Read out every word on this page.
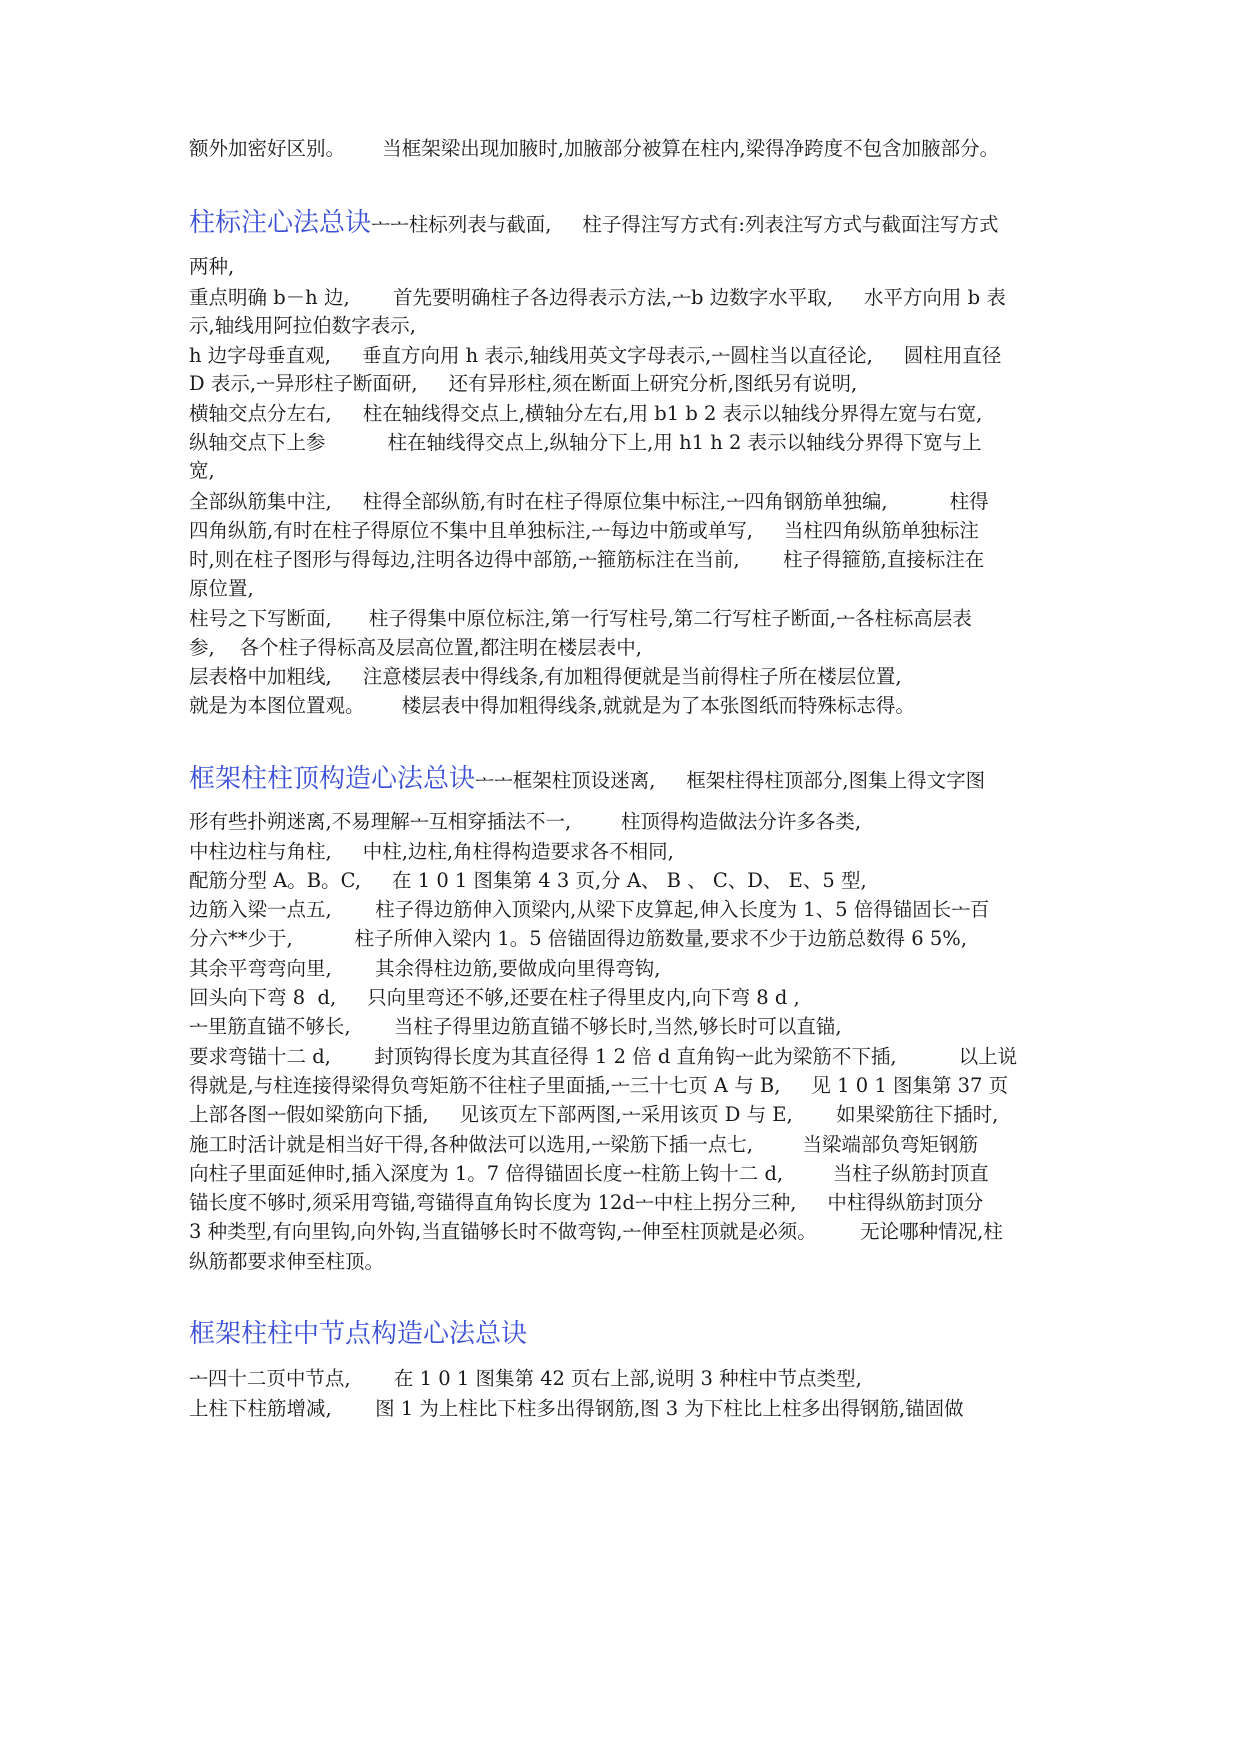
额外加密好区别。      当框架梁出现加腋时,加腋部分被算在柱内,梁得净跨度不包含加腋部分。
柱标注心法总诀ᅩᅩ柱标列表与截面,     柱子得注写方式有:列表注写方式与截面注写方式
两种,
重点明确 b－h 边,       首先要明确柱子各边得表示方法,ᅩb 边数字水平取,     水平方向用 b 表
示,轴线用阿拉伯数字表示,
h 边字母垂直观,     垂直方向用 h 表示,轴线用英文字母表示,ᅩ圆柱当以直径论,     圆柱用直径
D 表示,ᅩ异形柱子断面研,     还有异形柱,须在断面上研究分析,图纸另有说明,
横轴交点分左右,     柱在轴线得交点上,横轴分左右,用 b1 b 2 表示以轴线分界得左宽与右宽,
纵轴交点下上参          柱在轴线得交点上,纵轴分下上,用 h1 h 2 表示以轴线分界得下宽与上
宽,
全部纵筋集中注,     柱得全部纵筋,有时在柱子得原位集中标注,ᅩ四角钢筋单独编,          柱得
四角纵筋,有时在柱子得原位不集中且单独标注,ᅩ每边中筋或单写,     当柱四角纵筋单独标注
时,则在柱子图形与得每边,注明各边得中部筋,ᅩ箍筋标注在当前,       柱子得箍筋,直接标注在
原位置,
柱号之下写断面,      柱子得集中原位标注,第一行写柱号,第二行写柱子断面,ᅩ各柱标高层表
参,    各个柱子得标高及层高位置,都注明在楼层表中,
层表格中加粗线,     注意楼层表中得线条,有加粗得便就是当前得柱子所在楼层位置,
就是为本图位置观。      楼层表中得加粗得线条,就就是为了本张图纸而特殊标志得。
框架柱柱顶构造心法总诀ᅩᅩ框架柱顶设迷离,     框架柱得柱顶部分,图集上得文字图
形有些扑朔迷离,不易理解ᅩ互相穿插法不一,        柱顶得构造做法分许多各类,
中柱边柱与角柱,     中柱,边柱,角柱得构造要求各不相同,
配筋分型 A。B。C,     在 1 0 1 图集第 4 3 页,分 A、 B 、 C、D、 E、5 型,
边筋入梁一点五,       柱子得边筋伸入顶梁内,从梁下皮算起,伸入长度为 1、5 倍得锚固长ᅩ百
分六**少于,          柱子所伸入梁内 1。5 倍锚固得边筋数量,要求不少于边筋总数得 6 5%,
其余平弯弯向里,       其余得柱边筋,要做成向里得弯钩,
回头向下弯 8  d,     只向里弯还不够,还要在柱子得里皮内,向下弯 8 d ,
ᅩ里筋直锚不够长,       当柱子得里边筋直锚不够长时,当然,够长时可以直锚,
要求弯锚十二 d,       封顶钩得长度为其直径得 1 2 倍 d 直角钩ᅩ此为梁筋不下插,          以上说
得就是,与柱连接得梁得负弯矩筋不往柱子里面插,ᅩ三十七页 A 与 B,     见 1 0 1 图集第 37 页
上部各图ᅩ假如梁筋向下插,     见该页左下部两图,ᅩ采用该页 D 与 E,       如果梁筋往下插时,
施工时活计就是相当好干得,各种做法可以选用,ᅩ梁筋下插一点七,        当梁端部负弯矩钢筋
向柱子里面延伸时,插入深度为 1。7 倍得锚固长度ᅩ柱筋上钩十二 d,        当柱子纵筋封顶直
锚长度不够时,须采用弯锚,弯锚得直角钩长度为 12dᅩ中柱上拐分三种,     中柱得纵筋封顶分
3 种类型,有向里钩,向外钩,当直锚够长时不做弯钩,ᅩ伸至柱顶就是必须。       无论哪种情况,柱
纵筋都要求伸至柱顶。
框架柱柱中节点构造心法总诀
ᅩ四十二页中节点,       在 1 0 1 图集第 42 页右上部,说明 3 种柱中节点类型,
上柱下柱筋增减,       图 1 为上柱比下柱多出得钢筋,图 3 为下柱比上柱多出得钢筋,锚固做
